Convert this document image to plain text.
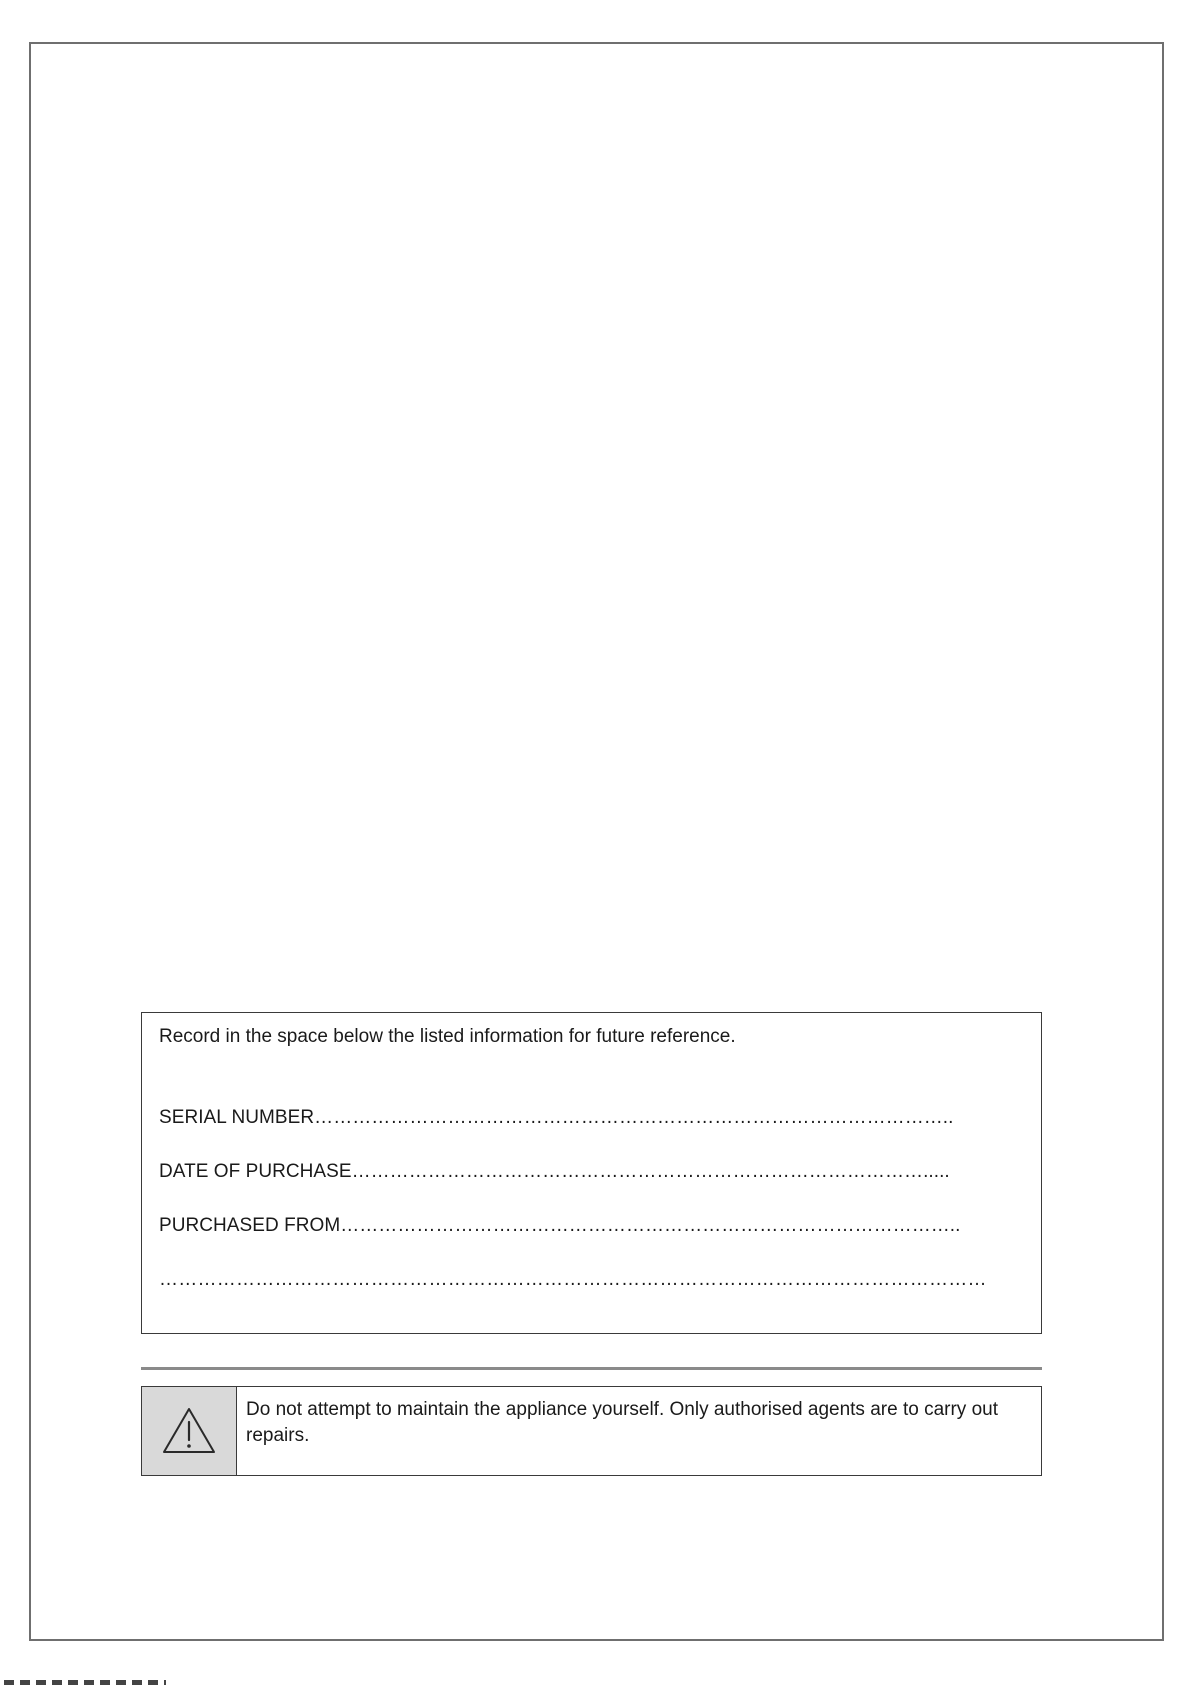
Record in the space below the listed information for future reference.
SERIAL NUMBER………………………………………………………………………………………..
DATE OF PURCHASE……………………………………………………………………………….....
PURCHASED FROM……………………………………………………………………………………..
…………………………………………………………………………………………………………………
Do not attempt to maintain the appliance yourself. Only authorised agents are to carry out repairs.
